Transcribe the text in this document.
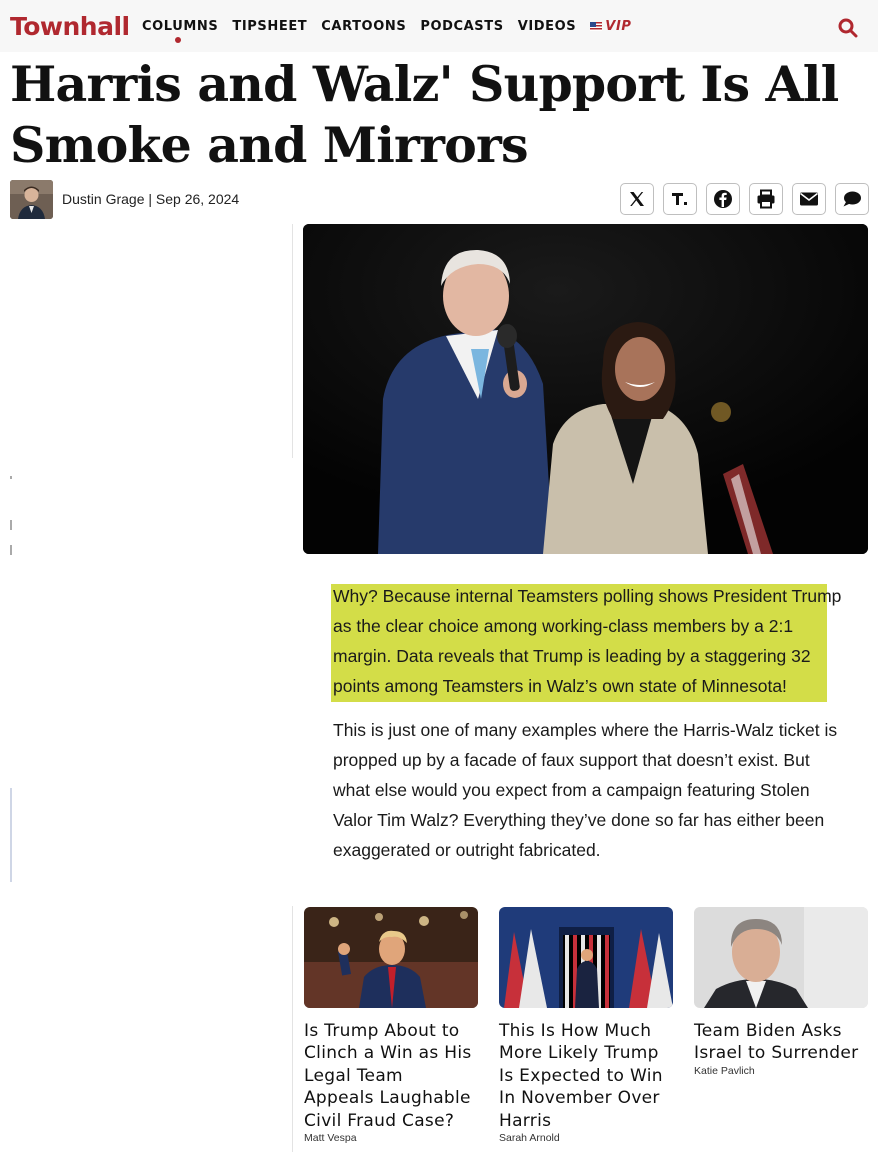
Townhall COLUMNS TIPSHEET CARTOONS PODCASTS VIDEOS VIP
Harris and Walz' Support Is All Smoke and Mirrors
Dustin Grage | Sep 26, 2024

Why? Because internal Teamsters polling shows President Trump as the clear choice among working-class members by a 2:1 margin. Data reveals that Trump is leading by a staggering 32 points among Teamsters in Walz’s own state of Minnesota!

This is just one of many examples where the Harris-Walz ticket is propped up by a facade of faux support that doesn’t exist. But what else would you expect from a campaign featuring Stolen Valor Tim Walz? Everything they’ve done so far has either been exaggerated or outright fabricated.

Is Trump About to Clinch a Win as His Legal Team Appeals Laughable Civil Fraud Case?
Matt Vespa
This Is How Much More Likely Trump Is Expected to Win In November Over Harris
Sarah Arnold
Team Biden Asks Israel to Surrender
Katie Pavlich
